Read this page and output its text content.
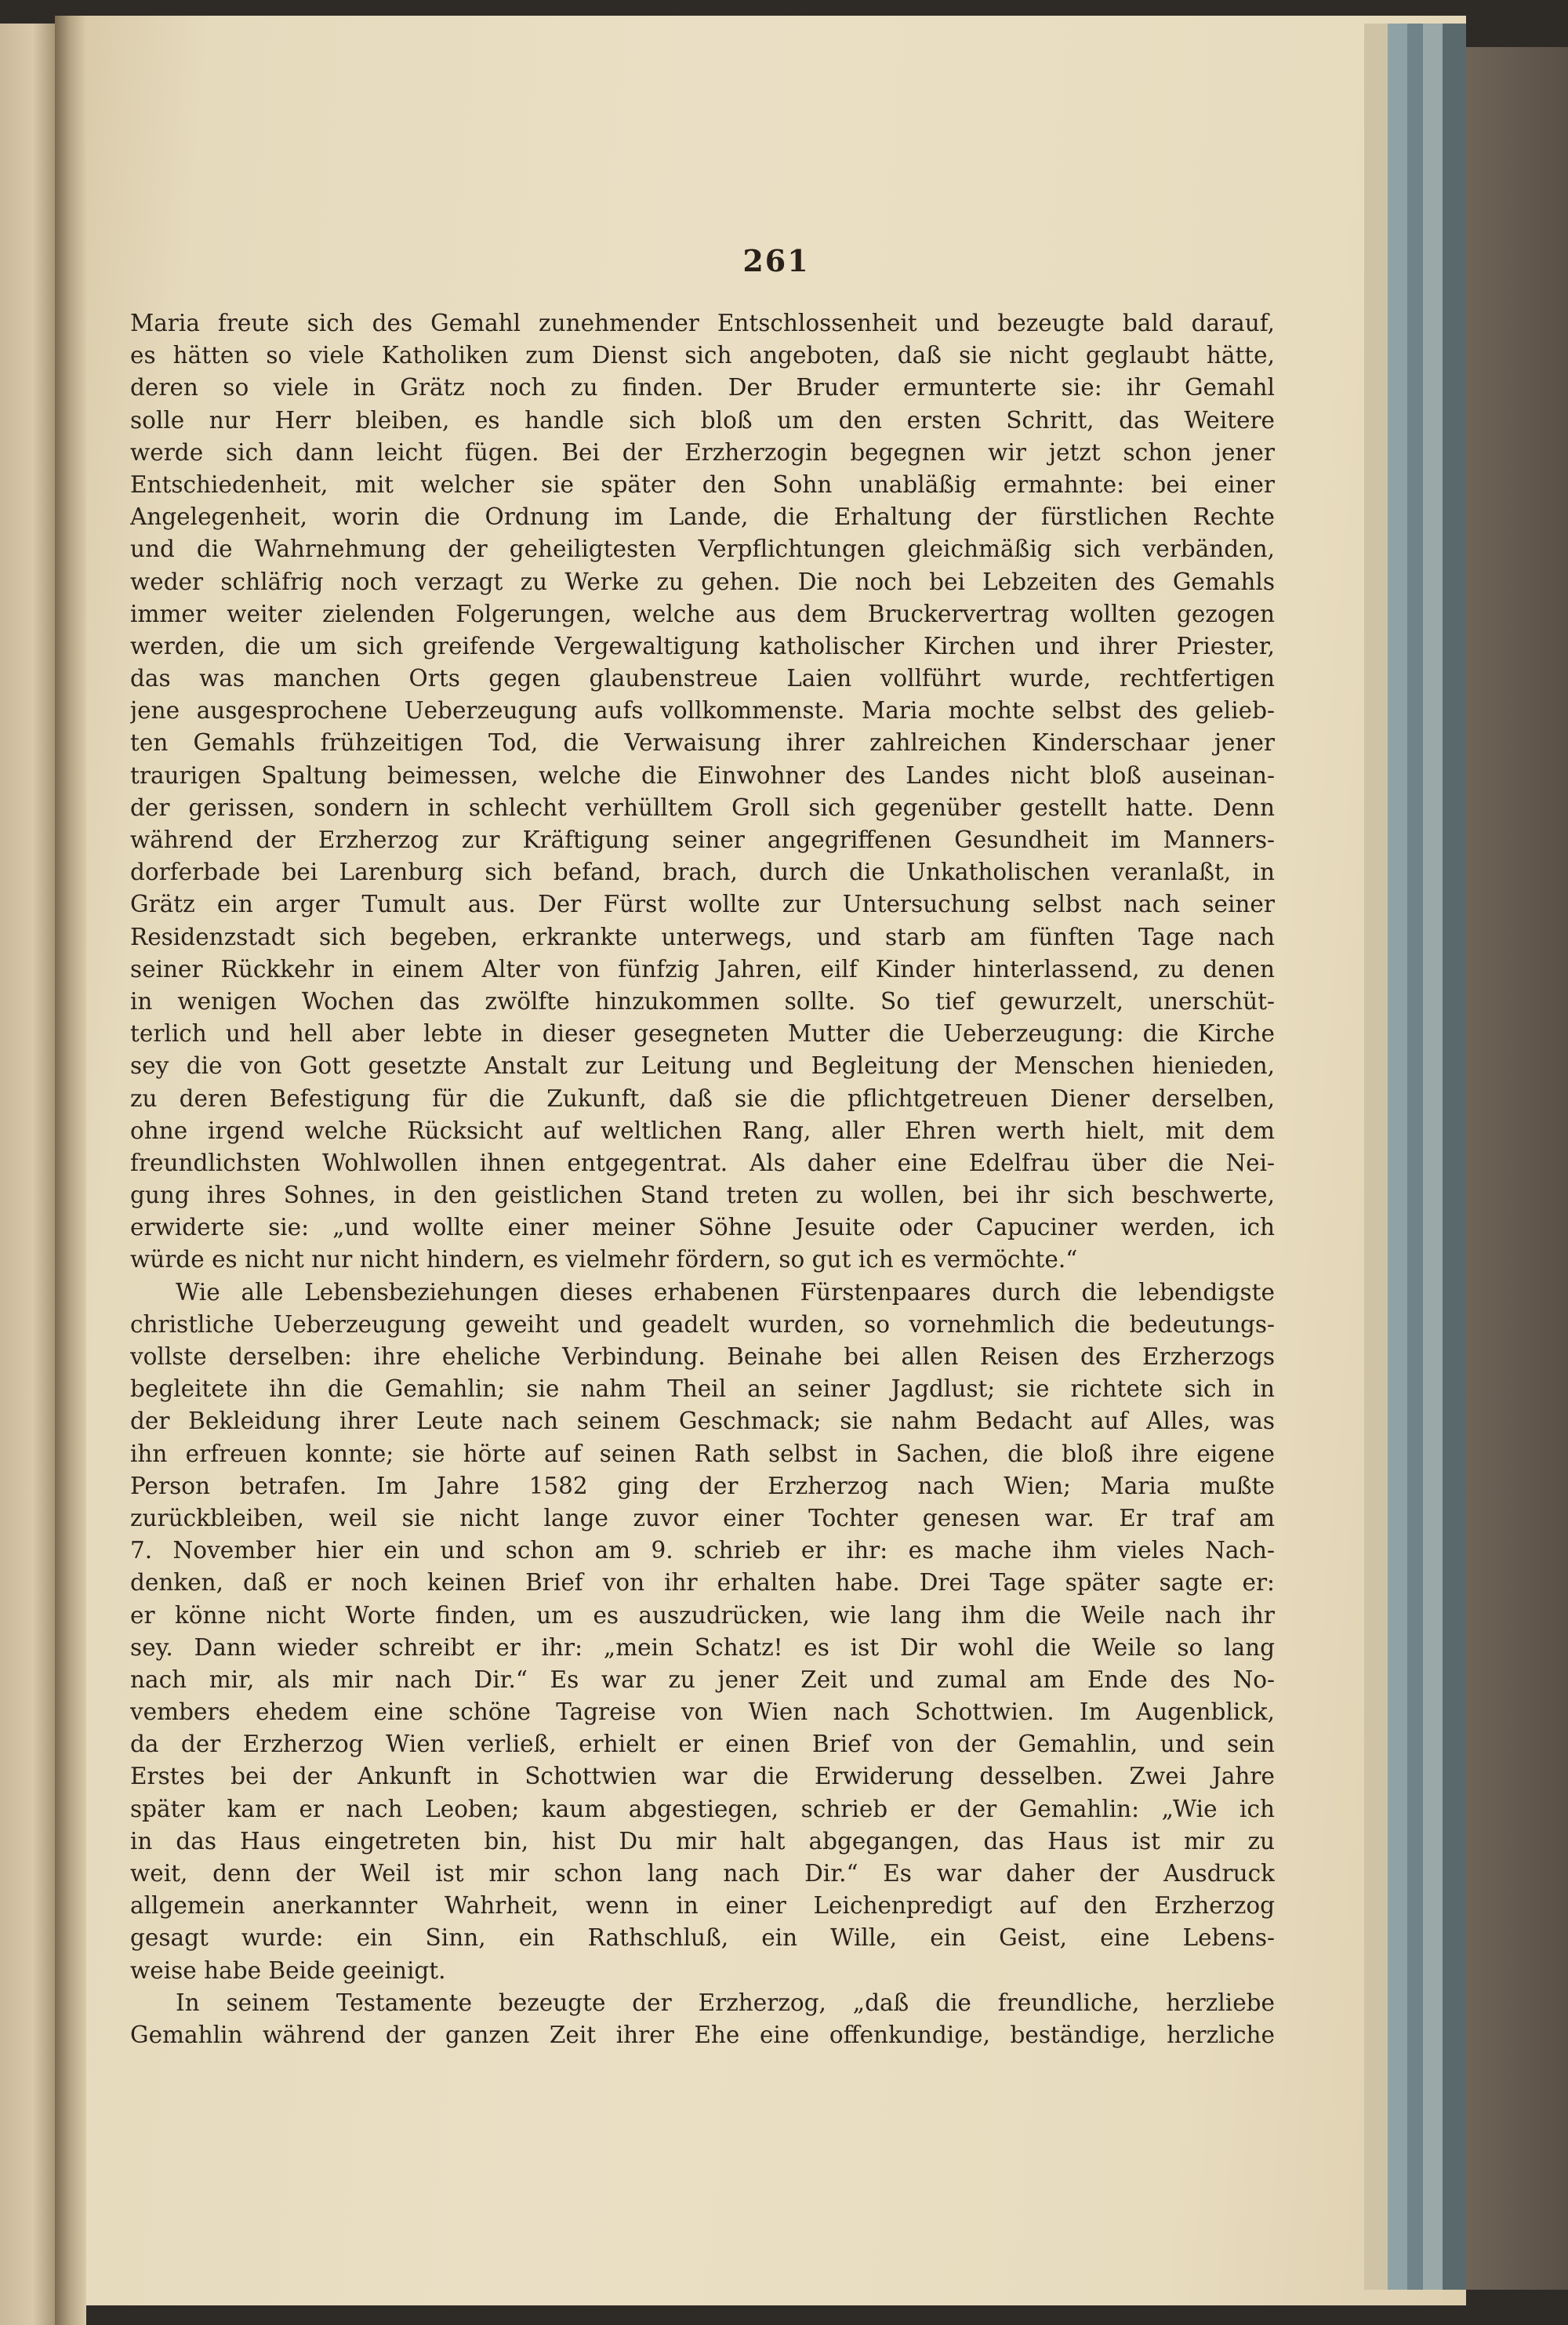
261
Maria freute sich des Gemahl zunehmender Entschlossenheit und bezeugte bald darauf,
es hätten so viele Katholiken zum Dienst sich angeboten, daß sie nicht geglaubt hätte,
deren so viele in Grätz noch zu finden. Der Bruder ermunterte sie: ihr Gemahl
solle nur Herr bleiben, es handle sich bloß um den ersten Schritt, das Weitere
werde sich dann leicht fügen. Bei der Erzherzogin begegnen wir jetzt schon jener
Entschiedenheit, mit welcher sie später den Sohn unabläßig ermahnte: bei einer
Angelegenheit, worin die Ordnung im Lande, die Erhaltung der fürstlichen Rechte
und die Wahrnehmung der geheiligtesten Verpflichtungen gleichmäßig sich verbänden,
weder schläfrig noch verzagt zu Werke zu gehen. Die noch bei Lebzeiten des Gemahls
immer weiter zielenden Folgerungen, welche aus dem Bruckervertrag wollten gezogen
werden, die um sich greifende Vergewaltigung katholischer Kirchen und ihrer Priester,
das was manchen Orts gegen glaubenstreue Laien vollführt wurde, rechtfertigen
jene ausgesprochene Ueberzeugung aufs vollkommenste. Maria mochte selbst des gelieb-
ten Gemahls frühzeitigen Tod, die Verwaisung ihrer zahlreichen Kinderschaar jener
traurigen Spaltung beimessen, welche die Einwohner des Landes nicht bloß auseinan-
der gerissen, sondern in schlecht verhülltem Groll sich gegenüber gestellt hatte. Denn
während der Erzherzog zur Kräftigung seiner angegriffenen Gesundheit im Manners-
dorferbade bei Larenburg sich befand, brach, durch die Unkatholischen veranlaßt, in
Grätz ein arger Tumult aus. Der Fürst wollte zur Untersuchung selbst nach seiner
Residenzstadt sich begeben, erkrankte unterwegs, und starb am fünften Tage nach
seiner Rückkehr in einem Alter von fünfzig Jahren, eilf Kinder hinterlassend, zu denen
in wenigen Wochen das zwölfte hinzukommen sollte. So tief gewurzelt, unerschüt-
terlich und hell aber lebte in dieser gesegneten Mutter die Ueberzeugung: die Kirche
sey die von Gott gesetzte Anstalt zur Leitung und Begleitung der Menschen hienieden,
zu deren Befestigung für die Zukunft, daß sie die pflichtgetreuen Diener derselben,
ohne irgend welche Rücksicht auf weltlichen Rang, aller Ehren werth hielt, mit dem
freundlichsten Wohlwollen ihnen entgegentrat. Als daher eine Edelfrau über die Nei-
gung ihres Sohnes, in den geistlichen Stand treten zu wollen, bei ihr sich beschwerte,
erwiderte sie: „und wollte einer meiner Söhne Jesuite oder Capuciner werden, ich
würde es nicht nur nicht hindern, es vielmehr fördern, so gut ich es vermöchte.“
Wie alle Lebensbeziehungen dieses erhabenen Fürstenpaares durch die lebendigste
christliche Ueberzeugung geweiht und geadelt wurden, so vornehmlich die bedeutungs-
vollste derselben: ihre eheliche Verbindung. Beinahe bei allen Reisen des Erzherzogs
begleitete ihn die Gemahlin; sie nahm Theil an seiner Jagdlust; sie richtete sich in
der Bekleidung ihrer Leute nach seinem Geschmack; sie nahm Bedacht auf Alles, was
ihn erfreuen konnte; sie hörte auf seinen Rath selbst in Sachen, die bloß ihre eigene
Person betrafen. Im Jahre 1582 ging der Erzherzog nach Wien; Maria mußte
zurückbleiben, weil sie nicht lange zuvor einer Tochter genesen war. Er traf am
7. November hier ein und schon am 9. schrieb er ihr: es mache ihm vieles Nach-
denken, daß er noch keinen Brief von ihr erhalten habe. Drei Tage später sagte er:
er könne nicht Worte finden, um es auszudrücken, wie lang ihm die Weile nach ihr
sey. Dann wieder schreibt er ihr: „mein Schatz! es ist Dir wohl die Weile so lang
nach mir, als mir nach Dir.“ Es war zu jener Zeit und zumal am Ende des No-
vembers ehedem eine schöne Tagreise von Wien nach Schottwien. Im Augenblick,
da der Erzherzog Wien verließ, erhielt er einen Brief von der Gemahlin, und sein
Erstes bei der Ankunft in Schottwien war die Erwiderung desselben. Zwei Jahre
später kam er nach Leoben; kaum abgestiegen, schrieb er der Gemahlin: „Wie ich
in das Haus eingetreten bin, hist Du mir halt abgegangen, das Haus ist mir zu
weit, denn der Weil ist mir schon lang nach Dir.“ Es war daher der Ausdruck
allgemein anerkannter Wahrheit, wenn in einer Leichenpredigt auf den Erzherzog
gesagt wurde: ein Sinn, ein Rathschluß, ein Wille, ein Geist, eine Lebens-
weise habe Beide geeinigt.
In seinem Testamente bezeugte der Erzherzog, „daß die freundliche, herzliebe
Gemahlin während der ganzen Zeit ihrer Ehe eine offenkundige, beständige, herzliche
